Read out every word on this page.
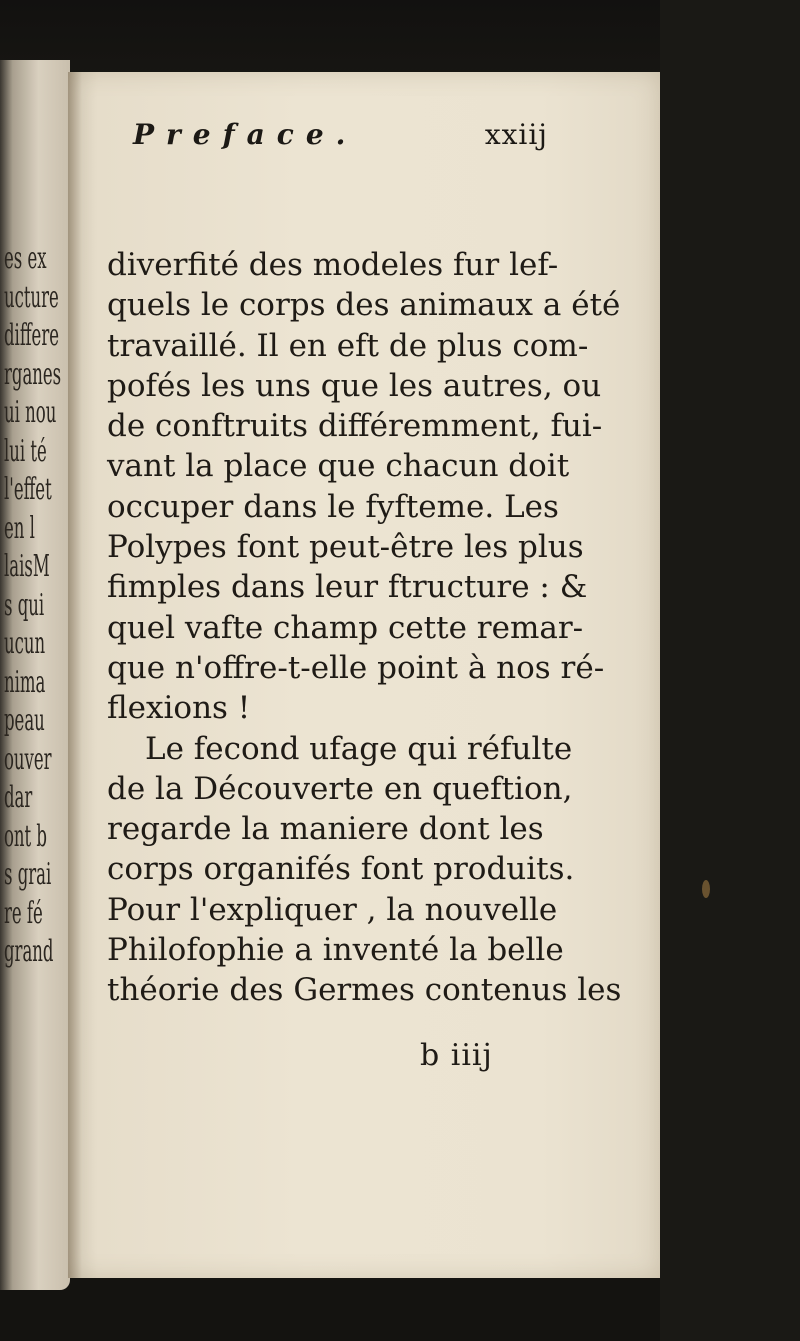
es ex
ucture
differe
rganes
ui nou
lui té
l'effet
en l
laisM
s qui
ucun
nima
peau
ouver
dar
ont b
s grai
re fé
grand
Preface.	xxiij
diverfité des modeles fur lef-
quels le corps des animaux a été
travaillé. Il en eft de plus com-
pofés les uns que les autres, ou
de conftruits différemment, fui-
vant la place que chacun doit
occuper dans le fyfteme. Les
Polypes font peut-être les plus
fimples dans leur ftructure : &
quel vafte champ cette remar-
que n'offre-t-elle point à nos ré-
flexions !
Le fecond ufage qui réfulte
de la Découverte en queftion,
regarde la maniere dont les
corps organifés font produits.
Pour l'expliquer , la nouvelle
Philofophie a inventé la belle
théorie des Germes contenus les
b iiij
